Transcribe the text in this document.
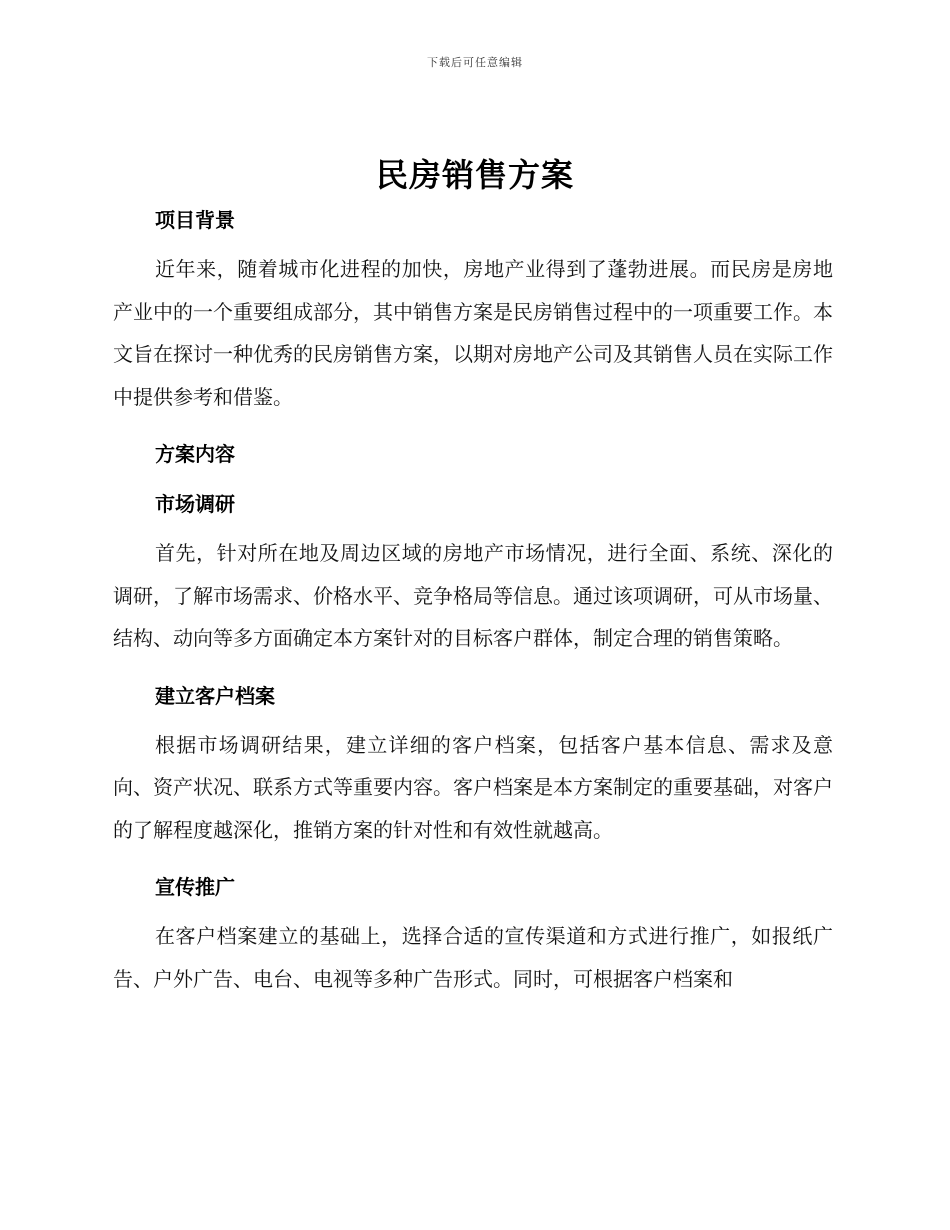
下载后可任意编辑
民房销售方案
项目背景

近年来，随着城市化进程的加快，房地产业得到了蓬勃进展。而民房是房地产业中的一个重要组成部分，其中销售方案是民房销售过程中的一项重要工作。本文旨在探讨一种优秀的民房销售方案，以期对房地产公司及其销售人员在实际工作中提供参考和借鉴。

方案内容
市场调研

首先，针对所在地及周边区域的房地产市场情况，进行全面、系统、深化的调研，了解市场需求、价格水平、竞争格局等信息。通过该项调研，可从市场量、结构、动向等多方面确定本方案针对的目标客户群体，制定合理的销售策略。

建立客户档案

根据市场调研结果，建立详细的客户档案，包括客户基本信息、需求及意向、资产状况、联系方式等重要内容。客户档案是本方案制定的重要基础，对客户的了解程度越深化，推销方案的针对性和有效性就越高。

宣传推广

在客户档案建立的基础上，选择合适的宣传渠道和方式进行推广，如报纸广告、户外广告、电台、电视等多种广告形式。同时，可根据客户档案和
